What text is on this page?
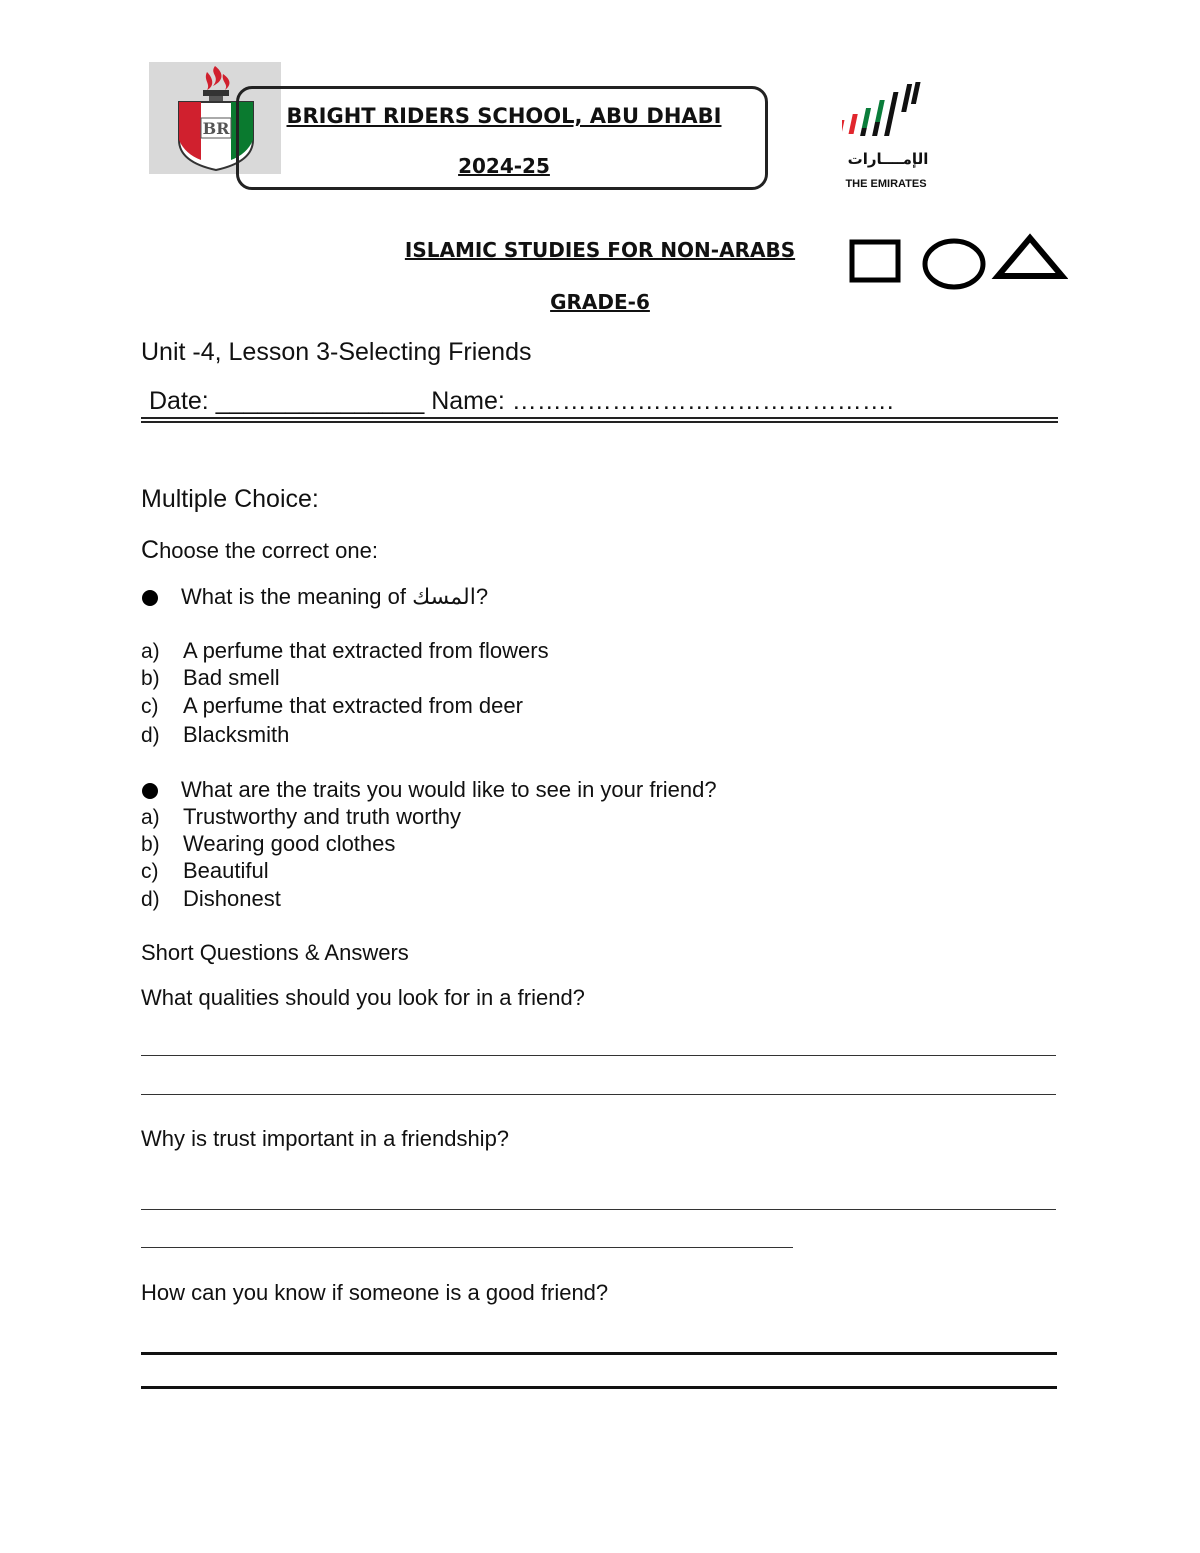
BR
BRIGHT RIDERS SCHOOL, ABU DHABI
2024-25	الإمــــارات
THE EMIRATES
ISLAMIC STUDIES FOR NON-ARABS
GRADE-6
Unit -4, Lesson 3-Selecting Friends
Date: _______________ Name: ……………………………………….
Multiple Choice:
Choose the correct one:
What is the meaning of المسك?
a) A perfume that extracted from flowers
b) Bad smell
c) A perfume that extracted from deer
d) Blacksmith
What are the traits you would like to see in your friend?
a) Trustworthy and truth worthy
b) Wearing good clothes
c) Beautiful
d) Dishonest
Short Questions & Answers
What qualities should you look for in a friend?
Why is trust important in a friendship?
How can you know if someone is a good friend?
